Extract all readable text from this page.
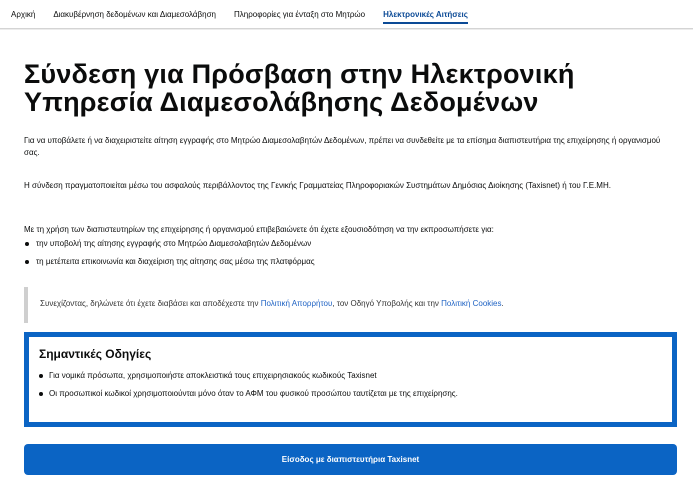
Αρχική Διακυβέρνηση δεδομένων και Διαμεσολάβηση Πληροφορίες για ένταξη στο Μητρώο Ηλεκτρονικές Αιτήσεις
Σύνδεση για Πρόσβαση στην Ηλεκτρονική Υπηρεσία Διαμεσολάβησης Δεδομένων

Για να υποβάλετε ή να διαχειριστείτε αίτηση εγγραφής στο Μητρώο Διαμεσολαβητών Δεδομένων, πρέπει να συνδεθείτε με τα επίσημα διαπιστευτήρια της επιχείρησης ή οργανισμού σας.

Η σύνδεση πραγματοποιείται μέσω του ασφαλούς περιβάλλοντος της Γενικής Γραμματείας Πληροφοριακών Συστημάτων Δημόσιας Διοίκησης (Taxisnet) ή του Γ.Ε.ΜΗ.

Με τη χρήση των διαπιστευτηρίων της επιχείρησης ή οργανισμού επιβεβαιώνετε ότι έχετε εξουσιοδότηση να την εκπροσωπήσετε για:

την υποβολή της αίτησης εγγραφής στο Μητρώο Διαμεσολαβητών Δεδομένων
τη μετέπειτα επικοινωνία και διαχείριση της αίτησης σας μέσω της πλατφόρμας
Συνεχίζοντας, δηλώνετε ότι έχετε διαβάσει και αποδέχεστε την Πολιτική Απορρήτου, τον Οδηγό Υποβολής και την Πολιτική Cookies.
Σημαντικές Οδηγίες
Για νομικά πρόσωπα, χρησιμοποιήστε αποκλειστικά τους επιχειρησιακούς κωδικούς Taxisnet
Οι προσωπικοί κωδικοί χρησιμοποιούνται μόνο όταν το ΑΦΜ του φυσικού προσώπου ταυτίζεται με της επιχείρησης.
Είσοδος με διαπιστευτήρια Taxisnet
